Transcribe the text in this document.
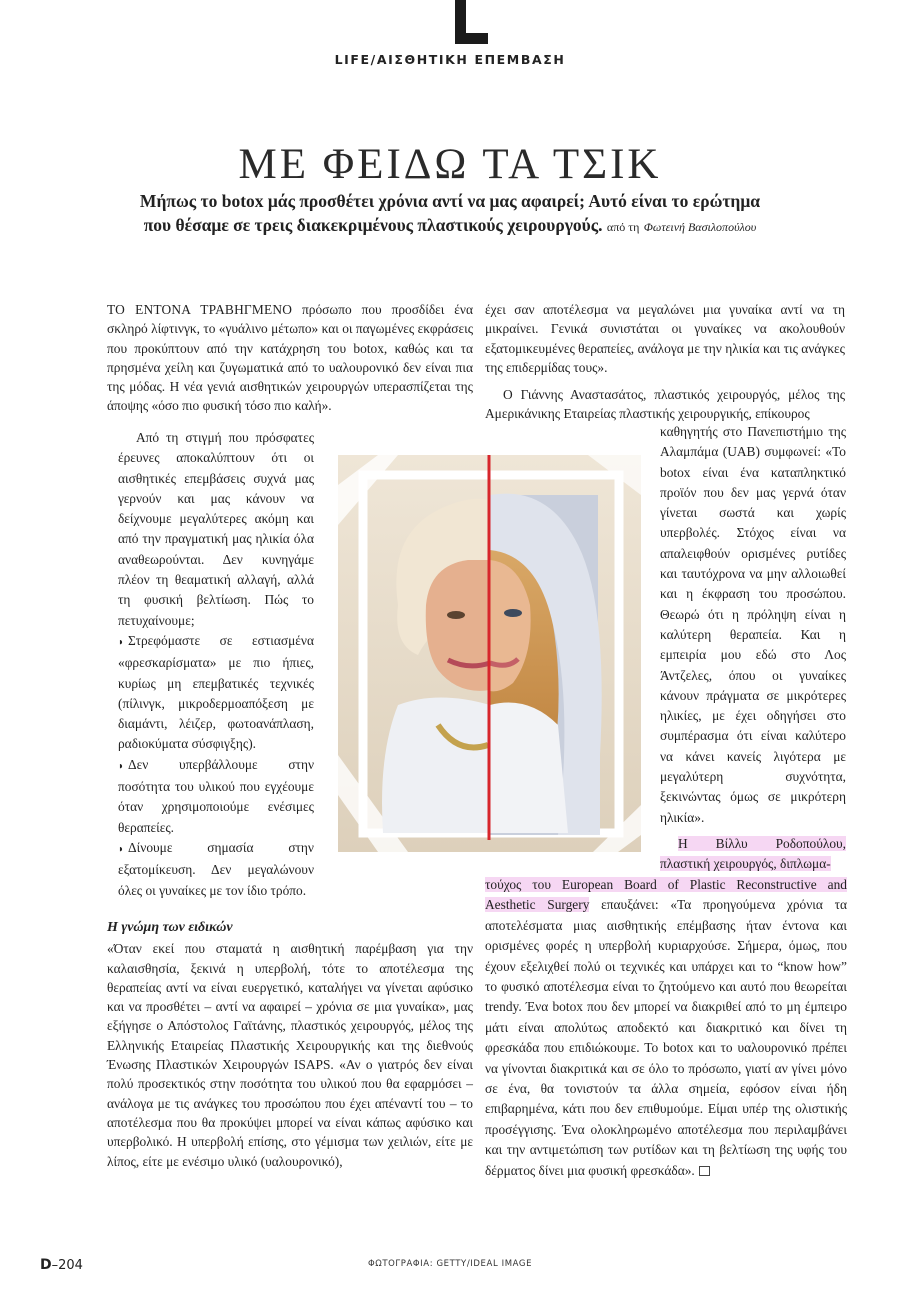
LIFE/ΑΙΣΘΗΤΙΚΗ ΕΠΕΜΒΑΣΗ
ΜΕ ΦΕΙΔΩ ΤΑ ΤΣΙΚ
Μήπως το botox μάς προσθέτει χρόνια αντί να μας αφαιρεί; Αυτό είναι το ερώτημα
που θέσαμε σε τρεις διακεκριμένους πλαστικούς χειρουργούς. από τη Φωτεινή Βασιλοπούλου

ΤΟ ΕΝΤΟΝΑ ΤΡΑΒΗΓΜΕΝΟ πρόσωπο που προσδίδει ένα σκληρό λίφτινγκ, το «γυάλινο μέτωπο» και οι παγωμένες εκφράσεις που προκύπτουν από την κατάχρηση του botox, καθώς και τα πρησμένα χείλη και ζυγωματικά από το υαλουρονικό δεν είναι πια της μόδας. Η νέα γενιά αισθητικών χειρουργών υπερασπίζεται της άποψης «όσο πιο φυσική τόσο πιο καλή».

Από τη στιγμή που πρόσφατες έρευνες αποκαλύπτουν ότι οι αισθητικές επεμβάσεις συχνά μας γερνούν και μας κάνουν να δείχνουμε μεγαλύτερες ακόμη και από την πραγματική μας ηλικία όλα αναθεωρούνται. Δεν κυνηγάμε πλέον τη θεαματική αλλαγή, αλλά τη φυσική βελτίωση. Πώς το πετυχαίνουμε;

◗ Στρεφόμαστε σε εστιασμένα «φρεσκαρίσματα» με πιο ήπιες, κυρίως μη επεμβατικές τεχνικές (πίλινγκ, μικροδερμοαπόξεση με διαμάντι, λέιζερ, φωτοανάπλαση, ραδιοκύματα σύσφιγξης).

◗ Δεν υπερβάλλουμε στην ποσότητα του υλικού που εγχέουμε όταν χρησιμοποιούμε ενέσιμες θεραπείες.

◗ Δίνουμε σημασία στην εξατομίκευση. Δεν μεγαλώνουν όλες οι γυναίκες με τον ίδιο τρόπο.

Η γνώμη των ειδικών

«Όταν εκεί που σταματά η αισθητική παρέμβαση για την καλαισθησία, ξεκινά η υπερβολή, τότε το αποτέλεσμα της θεραπείας αντί να είναι ευεργετικό, καταλήγει να γίνεται αφύσικο και να προσθέτει – αντί να αφαιρεί – χρόνια σε μια γυναίκα», μας εξήγησε ο Απόστολος Γαϊτάνης, πλαστικός χειρουργός, μέλος της Ελληνικής Εταιρείας Πλαστικής Χειρουργικής και της διεθνούς Ένωσης Πλαστικών Χειρουργών ISAPS. «Αν ο γιατρός δεν είναι πολύ προσεκτικός στην ποσότητα του υλικού που θα εφαρμόσει – ανάλογα με τις ανάγκες του προσώπου που έχει απέναντί του – το αποτέλεσμα που θα προκύψει μπορεί να είναι κάπως αφύσικο και υπερβολικό. Η υπερβολή επίσης, στο γέμισμα των χειλιών, είτε με λίπος, είτε με ενέσιμο υλικό (υαλουρονικό),

έχει σαν αποτέλεσμα να μεγαλώνει μια γυναίκα αντί να τη μικραίνει. Γενικά συνιστάται οι γυναίκες να ακολουθούν εξατομικευμένες θεραπείες, ανάλογα με την ηλικία και τις ανάγκες της επιδερμίδας τους».

Ο Γιάννης Αναστασάτος, πλαστικός χειρουργός, μέλος της Αμερικάνικης Εταιρείας πλαστικής χειρουργικής, επίκουρος

καθηγητής στο Πανεπιστήμιο της Αλαμπάμα (UAB) συμφωνεί: «Το botox είναι ένα καταπληκτικό προϊόν που δεν μας γερνά όταν γίνεται σωστά και χωρίς υπερβολές. Στόχος είναι να απαλειφθούν ορισμένες ρυτίδες και ταυτόχρονα να μην αλλοιωθεί και η έκφραση του προσώπου. Θεωρώ ότι η πρόληψη είναι η καλύτερη θεραπεία. Και η εμπειρία μου εδώ στο Λος Άντζελες, όπου οι γυναίκες κάνουν πράγματα σε μικρότερες ηλικίες, με έχει οδηγήσει στο συμπέρασμα ότι είναι καλύτερο να κάνει κανείς λιγότερα με μεγαλύτερη συχνότητα, ξεκινώντας όμως σε μικρότερη ηλικία».

Η Βίλλυ Ροδοπούλου, πλαστική χειρουργός, διπλωμα-

τούχος του European Board of Plastic Reconstructive and Aesthetic Surgery επαυξάνει: «Τα προηγούμενα χρόνια τα αποτελέσματα μιας αισθητικής επέμβασης ήταν έντονα και ορισμένες φορές η υπερβολή κυριαρχούσε. Σήμερα, όμως, που έχουν εξελιχθεί πολύ οι τεχνικές και υπάρχει και το “know how” το φυσικό αποτέλεσμα είναι το ζητούμενο και αυτό που θεωρείται trendy. Ένα botox που δεν μπορεί να διακριθεί από το μη έμπειρο μάτι είναι απολύτως αποδεκτό και διακριτικό και δίνει τη φρεσκάδα που επιδιώκουμε. Το botox και το υαλουρονικό πρέπει να γίνονται διακριτικά και σε όλο το πρόσωπο, γιατί αν γίνει μόνο σε ένα, θα τονιστούν τα άλλα σημεία, εφόσον είναι ήδη επιβαρημένα, κάτι που δεν επιθυμούμε. Είμαι υπέρ της ολιστικής προσέγγισης. Ένα ολοκληρωμένο αποτέλεσμα που περιλαμβάνει και την αντιμετώπιση των ρυτίδων και τη βελτίωση της υφής του δέρματος δίνει μια φυσική φρεσκάδα».

D–204	ΦΩΤΟΓΡΑΦΙΑ: GETTY/IDEAL IMAGE
